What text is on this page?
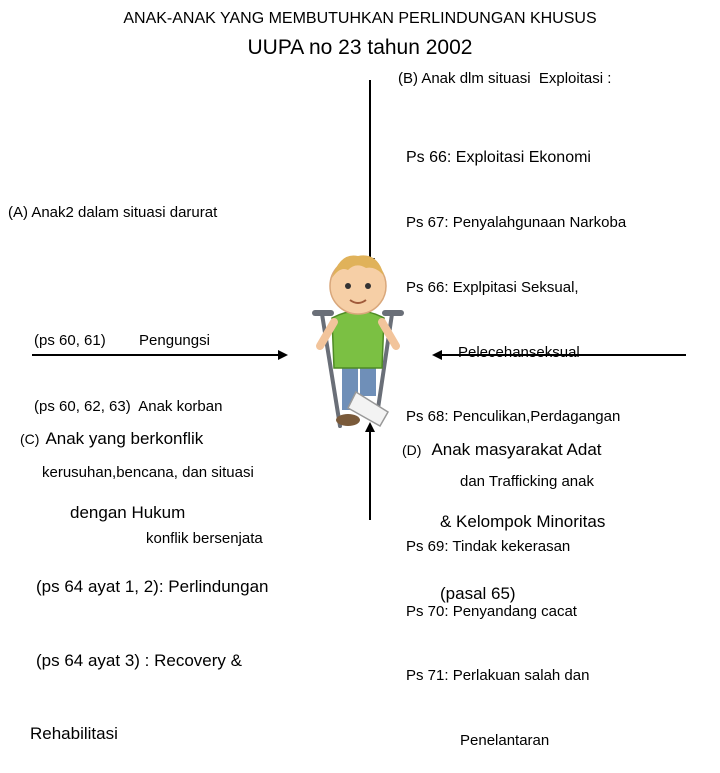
ANAK-ANAK YANG MEMBUTUHKAN PERLINDUNGAN KHUSUS
UUPA no 23 tahun 2002
(B) Anak dlm situasi  Exploitasi :

Ps 66: Exploitasi Ekonomi

Ps 67: Penyalahgunaan Narkoba

Ps 66: Explpitasi Seksual,

Pelecehanseksual

Ps 68: Penculikan,Perdagangan

dan Trafficking anak

Ps 69: Tindak kekerasan

Ps 70: Penyandang cacat

Ps 71: Perlakuan salah dan

Penelantaran

(A) Anak2 dalam situasi darurat

(ps 60, 61)        Pengungsi

(ps 60, 62, 63)  Anak korban

kerusuhan,bencana, dan situasi

konflik bersenjata

(C) Anak yang berkonflik

dengan Hukum

(ps 64 ayat 1, 2): Perlindungan

(ps 64 ayat 3) : Recovery &

Rehabilitasi

(D) Anak masyarakat Adat

& Kelompok Minoritas

(pasal 65)
